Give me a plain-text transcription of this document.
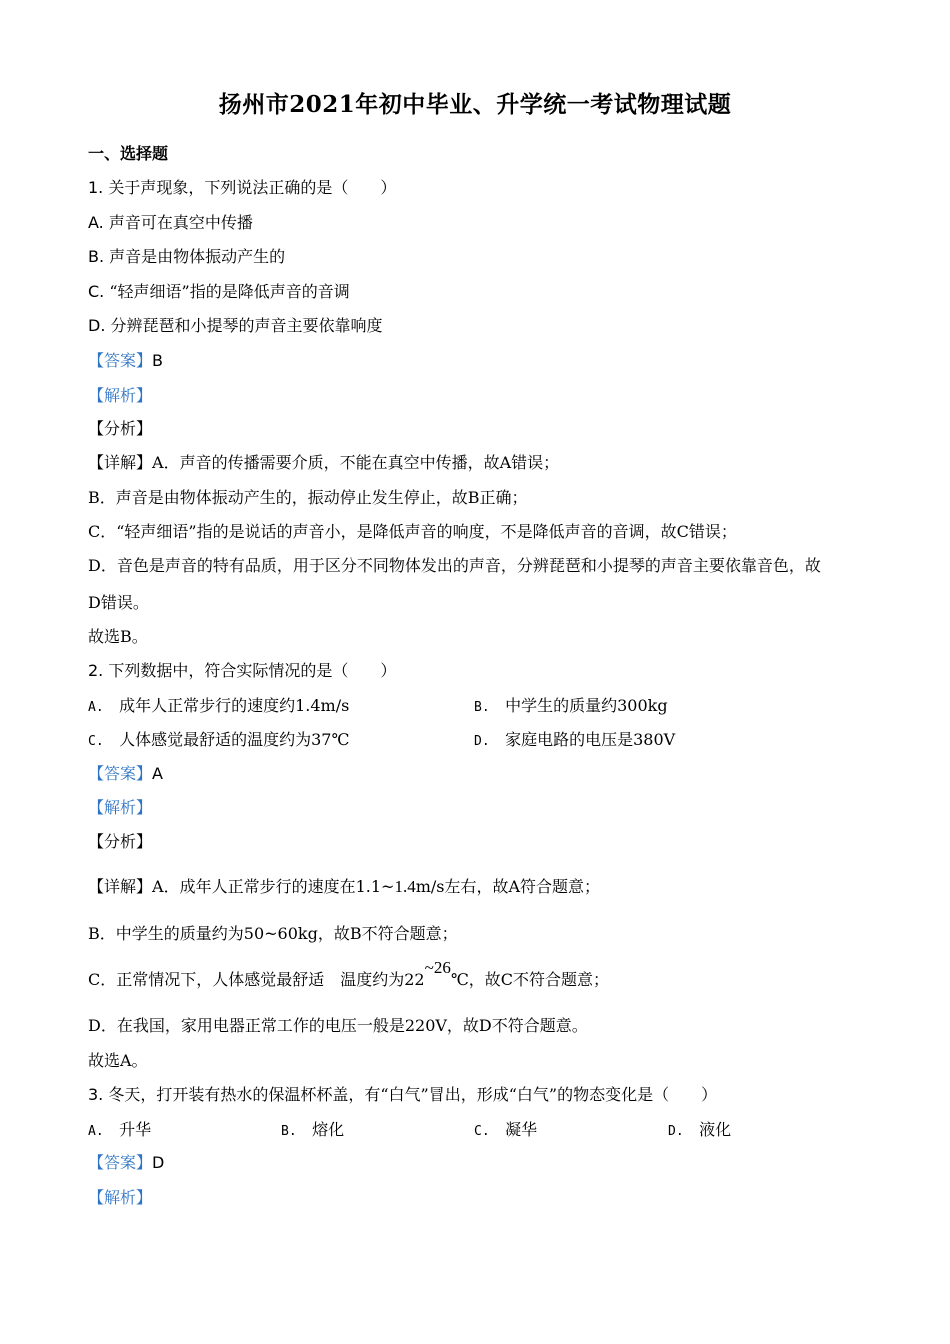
扬州市2021年初中毕业、升学统一考试物理试题
一、选择题
1. 关于声现象，下列说法正确的是（　　）
A. 声音可在真空中传播
B. 声音是由物体振动产生的
C. “轻声细语”指的是降低声音的音调
D. 分辨琵琶和小提琴的声音主要依靠响度
【答案】B
【解析】
【分析】
【详解】A．声音的传播需要介质，不能在真空中传播，故A错误；
B．声音是由物体振动产生的，振动停止发生停止，故B正确；
C．“轻声细语”指的是说话的声音小，是降低声音的响度，不是降低声音的音调，故C错误；
D．音色是声音的特有品质，用于区分不同物体发出的声音，分辨琵琶和小提琴的声音主要依靠音色，故
D错误。
故选B。
2. 下列数据中，符合实际情况的是（　　）
A. 成年人正常步行的速度约1.4m/s	B. 中学生的质量约300kg
C. 人体感觉最舒适的温度约为37℃	D. 家庭电路的电压是380V
【答案】A
【解析】
【分析】
【详解】A．成年人正常步行的速度在1.1~1.4m/s左右，故A符合题意；
B．中学生的质量约为50~60kg，故B不符合题意；
C．正常情况下，人体感觉最舒适　温度约为22~26℃，故C不符合题意；
D．在我国，家用电器正常工作的电压一般是220V，故D不符合题意。
故选A。
3. 冬天，打开装有热水的保温杯杯盖，有“白气”冒出，形成“白气”的物态变化是（　　）
A. 升华	B. 熔化	C. 凝华	D. 液化
【答案】D
【解析】
